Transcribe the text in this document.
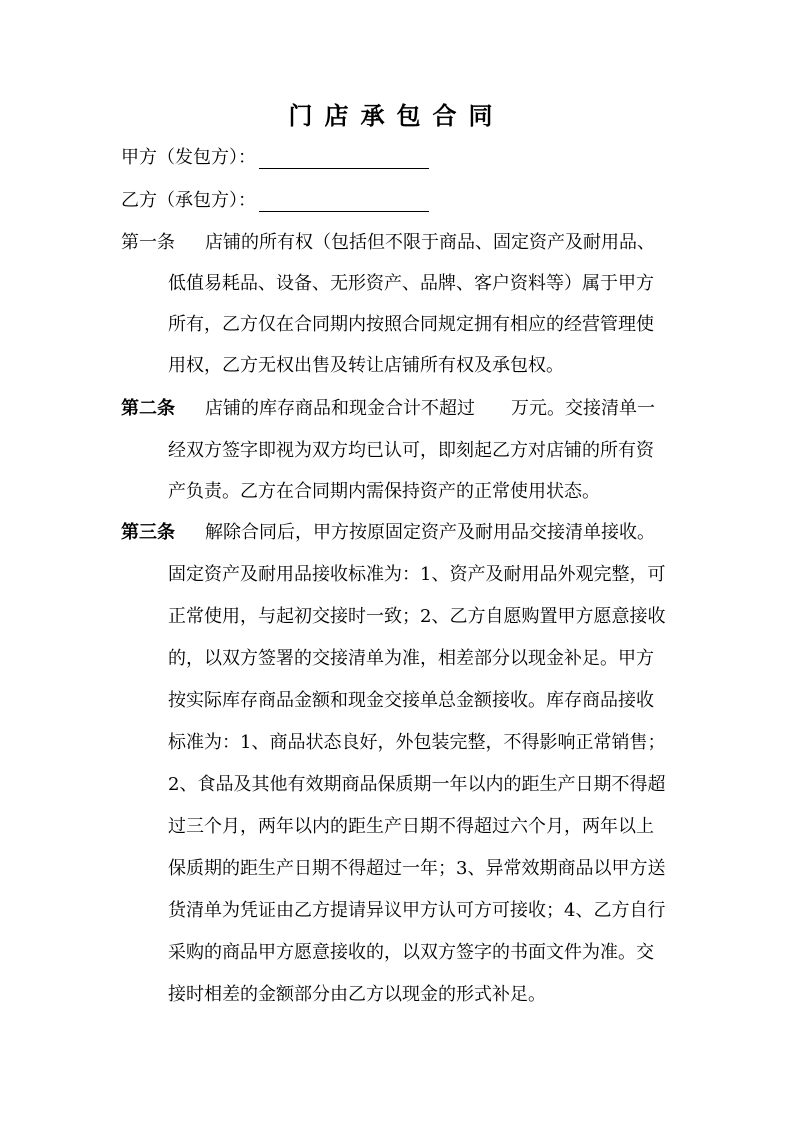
门店承包合同
甲方（发包方）：
乙方（承包方）：
第一条 店铺的所有权（包括但不限于商品、固定资产及耐用品、
低值易耗品、设备、无形资产、品牌、客户资料等）属于甲方
所有，乙方仅在合同期内按照合同规定拥有相应的经营管理使
用权，乙方无权出售及转让店铺所有权及承包权。
第二条 店铺的库存商品和现金合计不超过 万元。交接清单一
经双方签字即视为双方均已认可，即刻起乙方对店铺的所有资
产负责。乙方在合同期内需保持资产的正常使用状态。
第三条 解除合同后，甲方按原固定资产及耐用品交接清单接收。
固定资产及耐用品接收标准为：1、资产及耐用品外观完整，可
正常使用，与起初交接时一致；2、乙方自愿购置甲方愿意接收
的，以双方签署的交接清单为准，相差部分以现金补足。甲方
按实际库存商品金额和现金交接单总金额接收。库存商品接收
标准为：1、商品状态良好，外包装完整，不得影响正常销售；
2、食品及其他有效期商品保质期一年以内的距生产日期不得超
过三个月，两年以内的距生产日期不得超过六个月，两年以上
保质期的距生产日期不得超过一年；3、异常效期商品以甲方送
货清单为凭证由乙方提请异议甲方认可方可接收；4、乙方自行
采购的商品甲方愿意接收的，以双方签字的书面文件为准。交
接时相差的金额部分由乙方以现金的形式补足。
